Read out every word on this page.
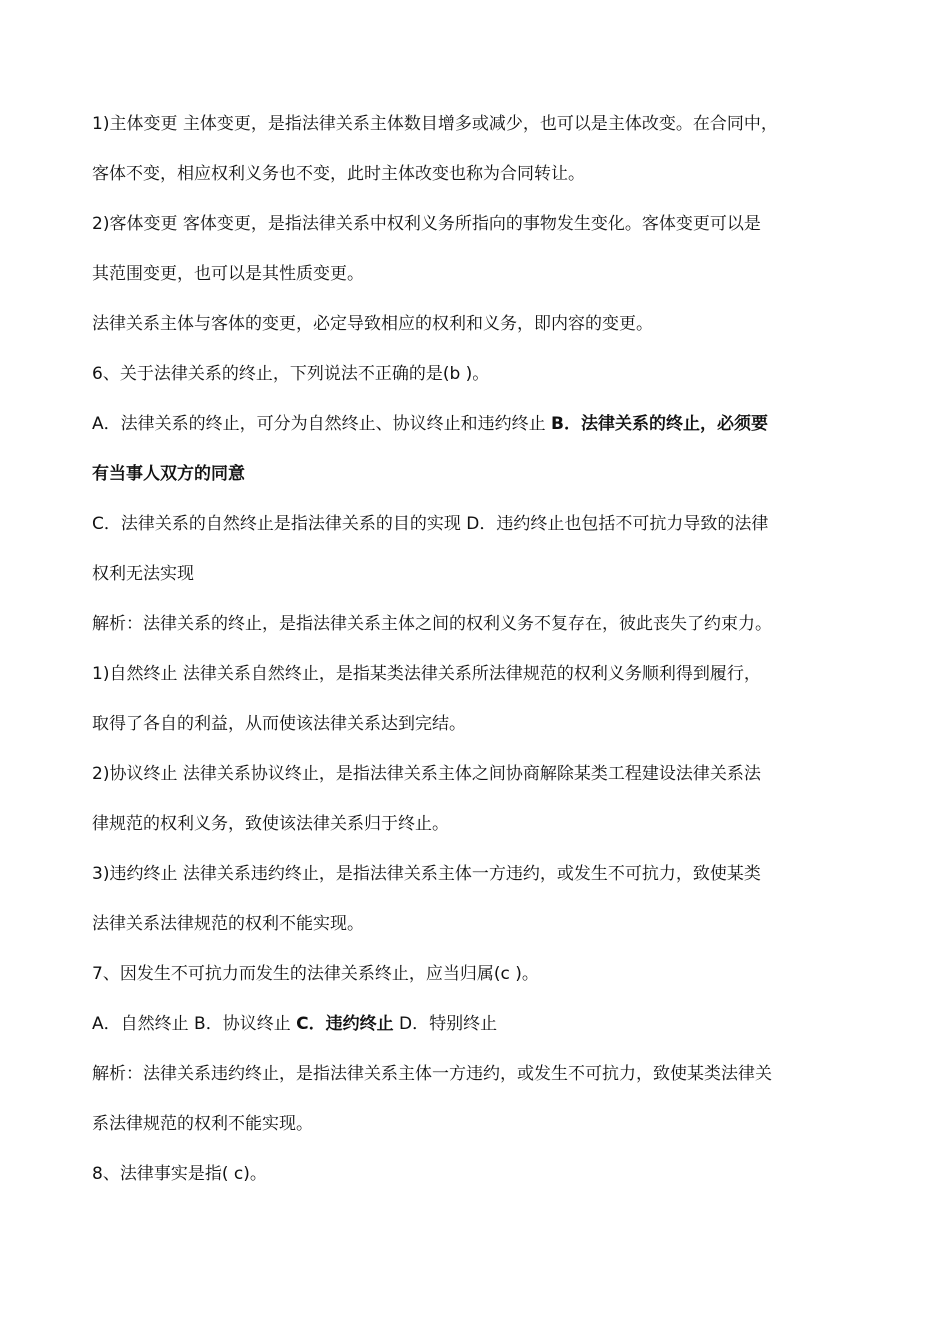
1)主体变更 主体变更，是指法律关系主体数目增多或减少，也可以是主体改变。在合同中，
客体不变，相应权利义务也不变，此时主体改变也称为合同转让。
2)客体变更 客体变更，是指法律关系中权利义务所指向的事物发生变化。客体变更可以是
其范围变更，也可以是其性质变更。
法律关系主体与客体的变更，必定导致相应的权利和义务，即内容的变更。
6、关于法律关系的终止，下列说法不正确的是(b )。
A．法律关系的终止，可分为自然终止、协议终止和违约终止 B．法律关系的终止，必须要
有当事人双方的同意
C．法律关系的自然终止是指法律关系的目的实现 D．违约终止也包括不可抗力导致的法律
权利无法实现
解析：法律关系的终止，是指法律关系主体之间的权利义务不复存在，彼此丧失了约束力。
1)自然终止 法律关系自然终止，是指某类法律关系所法律规范的权利义务顺利得到履行，
取得了各自的利益，从而使该法律关系达到完结。
2)协议终止 法律关系协议终止，是指法律关系主体之间协商解除某类工程建设法律关系法
律规范的权利义务，致使该法律关系归于终止。
3)违约终止 法律关系违约终止，是指法律关系主体一方违约，或发生不可抗力，致使某类
法律关系法律规范的权利不能实现。
7、因发生不可抗力而发生的法律关系终止，应当归属(c )。
A．自然终止 B．协议终止 C．违约终止 D．特别终止
解析：法律关系违约终止，是指法律关系主体一方违约，或发生不可抗力，致使某类法律关
系法律规范的权利不能实现。
8、法律事实是指( c)。
